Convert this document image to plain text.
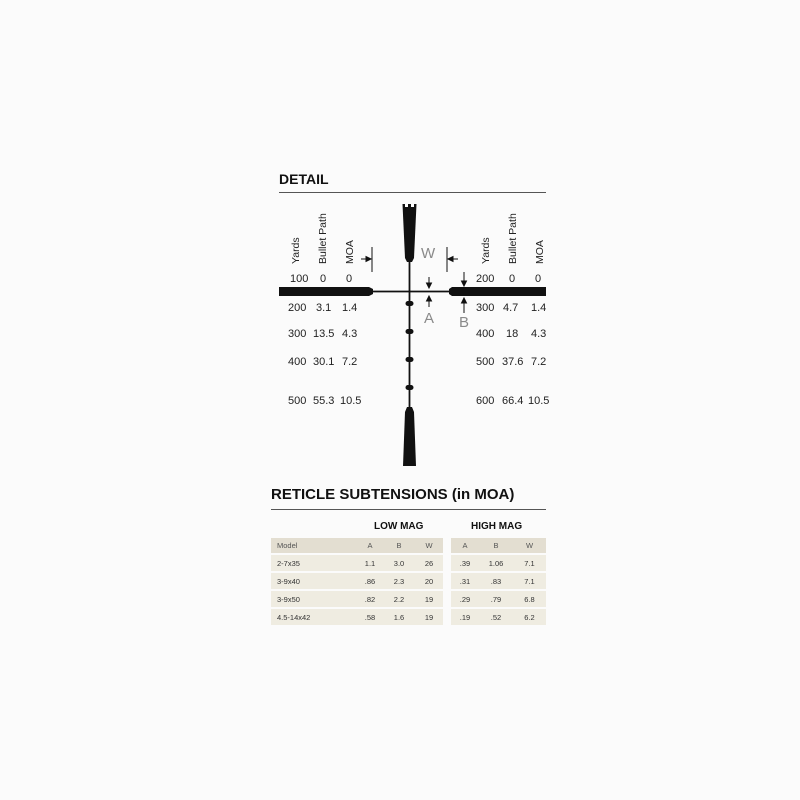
DETAIL
W
A B
Yards Bullet Path MOA	Yards Bullet Path MOA
100 0 0
200 3.1 1.4
300 13.5 4.3
400 30.1 7.2
500 55.3 10.5
200 0 0
300 4.7 1.4
400 18 4.3
500 37.6 7.2
600 66.4 10.5
RETICLE SUBTENSIONS (in MOA)
LOW MAG	HIGH MAG
Model	A	B	W		A	B	W
2-7x35	1.1	3.0	26		.39	1.06	7.1
3-9x40	.86	2.3	20		.31	.83	7.1
3-9x50	.82	2.2	19		.29	.79	6.8
4.5-14x42	.58	1.6	19		.19	.52	6.2
